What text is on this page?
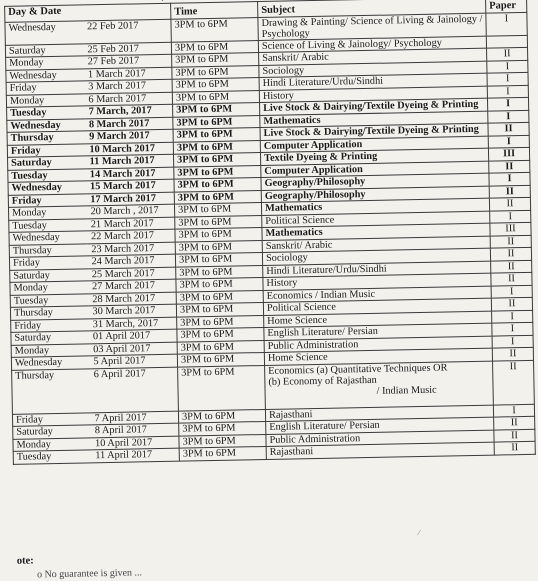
Day & Date		Time	Subject	Paper
Wednesday	22 Feb 2017	3PM to 6PM	Drawing & Painting/ Science of Living & Jainology / Psychology	I
Saturday	25 Feb 2017	3PM to 6PM	Science of Living & Jainology/ Psychology	
Monday	27 Feb 2017	3PM to 6PM	Sanskrit/ Arabic	II
Wednesday	1 March 2017	3PM to 6PM	Sociology	I
Friday	3 March 2017	3PM to 6PM	Hindi Literature/Urdu/Sindhi	I
Monday	6 March 2017	3PM to 6PM	History	I
Tuesday	7 March, 2017	3PM to 6PM	Live Stock & Dairying/Textile Dyeing & Printing	I
Wednesday	8 March 2017	3PM to 6PM	Mathematics	I
Thursday	9 March 2017	3PM to 6PM	Live Stock & Dairying/Textile Dyeing & Printing	II
Friday	10 March 2017	3PM to 6PM	Computer Application	I
Saturday	11 March 2017	3PM to 6PM	Textile Dyeing & Printing	III
Tuesday	14 March 2017	3PM to 6PM	Computer Application	II
Wednesday	15 March 2017	3PM to 6PM	Geography/Philosophy	I
Friday	17 March 2017	3PM to 6PM	Geography/Philosophy	II
Monday	20 March , 2017	3PM to 6PM	Mathematics	II
Tuesday	21 March 2017	3PM to 6PM	Political Science	I
Wednesday	22 March 2017	3PM to 6PM	Mathematics	III
Thursday	23 March 2017	3PM to 6PM	Sanskrit/ Arabic	II
Friday	24 March 2017	3PM to 6PM	Sociology	II
Saturday	25 March 2017	3PM to 6PM	Hindi Literature/Urdu/Sindhi	II
Monday	27 March 2017	3PM to 6PM	History	II
Tuesday	28 March 2017	3PM to 6PM	Economics / Indian Music	I
Thursday	30 March 2017	3PM to 6PM	Political Science	II
Friday	31 March, 2017	3PM to 6PM	Home Science	I
Saturday	01 April 2017	3PM to 6PM	English Literature/ Persian	I
Monday	03 April 2017	3PM to 6PM	Public Administration	I
Wednesday	5 April 2017	3PM to 6PM	Home Science	II
Thursday	6 April 2017	3PM to 6PM	Economics (a) Quantitative Techniques OR
(b) Economy of Rajasthan
/ Indian Music	II
Friday	7 April 2017	3PM to 6PM	Rajasthani	I
Saturday	8 April 2017	3PM to 6PM	English Literature/ Persian	II
Monday	10 April 2017	3PM to 6PM	Public Administration	II
Tuesday	11 April 2017	3PM to 6PM	Rajasthani	II
⁄
ote:
o No guarantee is given ...
